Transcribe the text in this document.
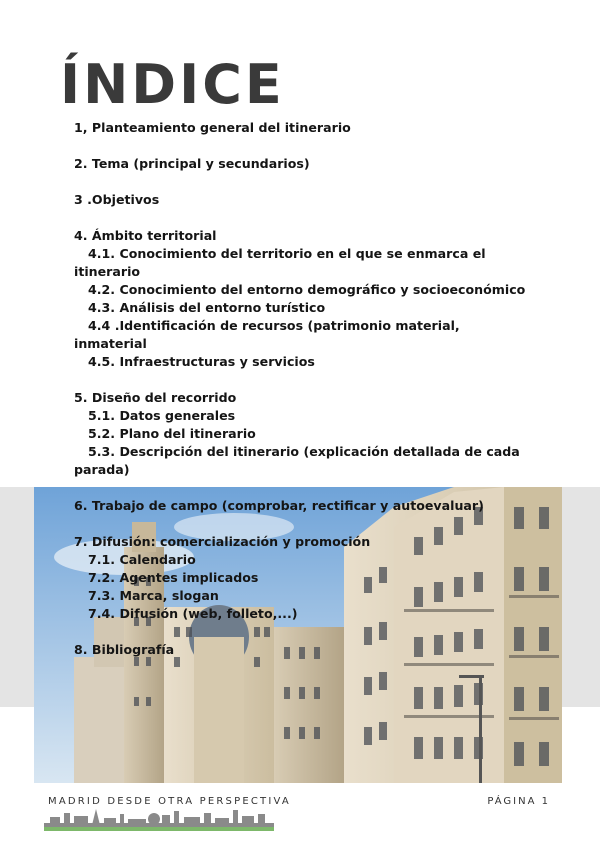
ÍNDICE
1, Planteamiento general del itinerario
2. Tema (principal y secundarios)
3 .Objetivos
4. Ámbito territorial
4.1. Conocimiento del territorio en el que se enmarca el itinerario
4.2. Conocimiento del entorno demográfico y socioeconómico
4.3. Análisis del entorno turístico
4.4 .Identificación de recursos (patrimonio material, inmaterial
4.5. Infraestructuras y servicios
5. Diseño del recorrido
5.1. Datos generales
5.2. Plano del itinerario
5.3. Descripción del itinerario (explicación detallada de cada parada)
6. Trabajo de campo (comprobar, rectificar y autoevaluar)
7. Difusión: comercialización y promoción
7.1. Calendario
7.2. Agentes implicados
7.3. Marca, slogan
7.4. Difusión (web, folleto,...)
8. Bibliografía
MADRID DESDE OTRA PERSPECTIVA	PÁGINA 1
